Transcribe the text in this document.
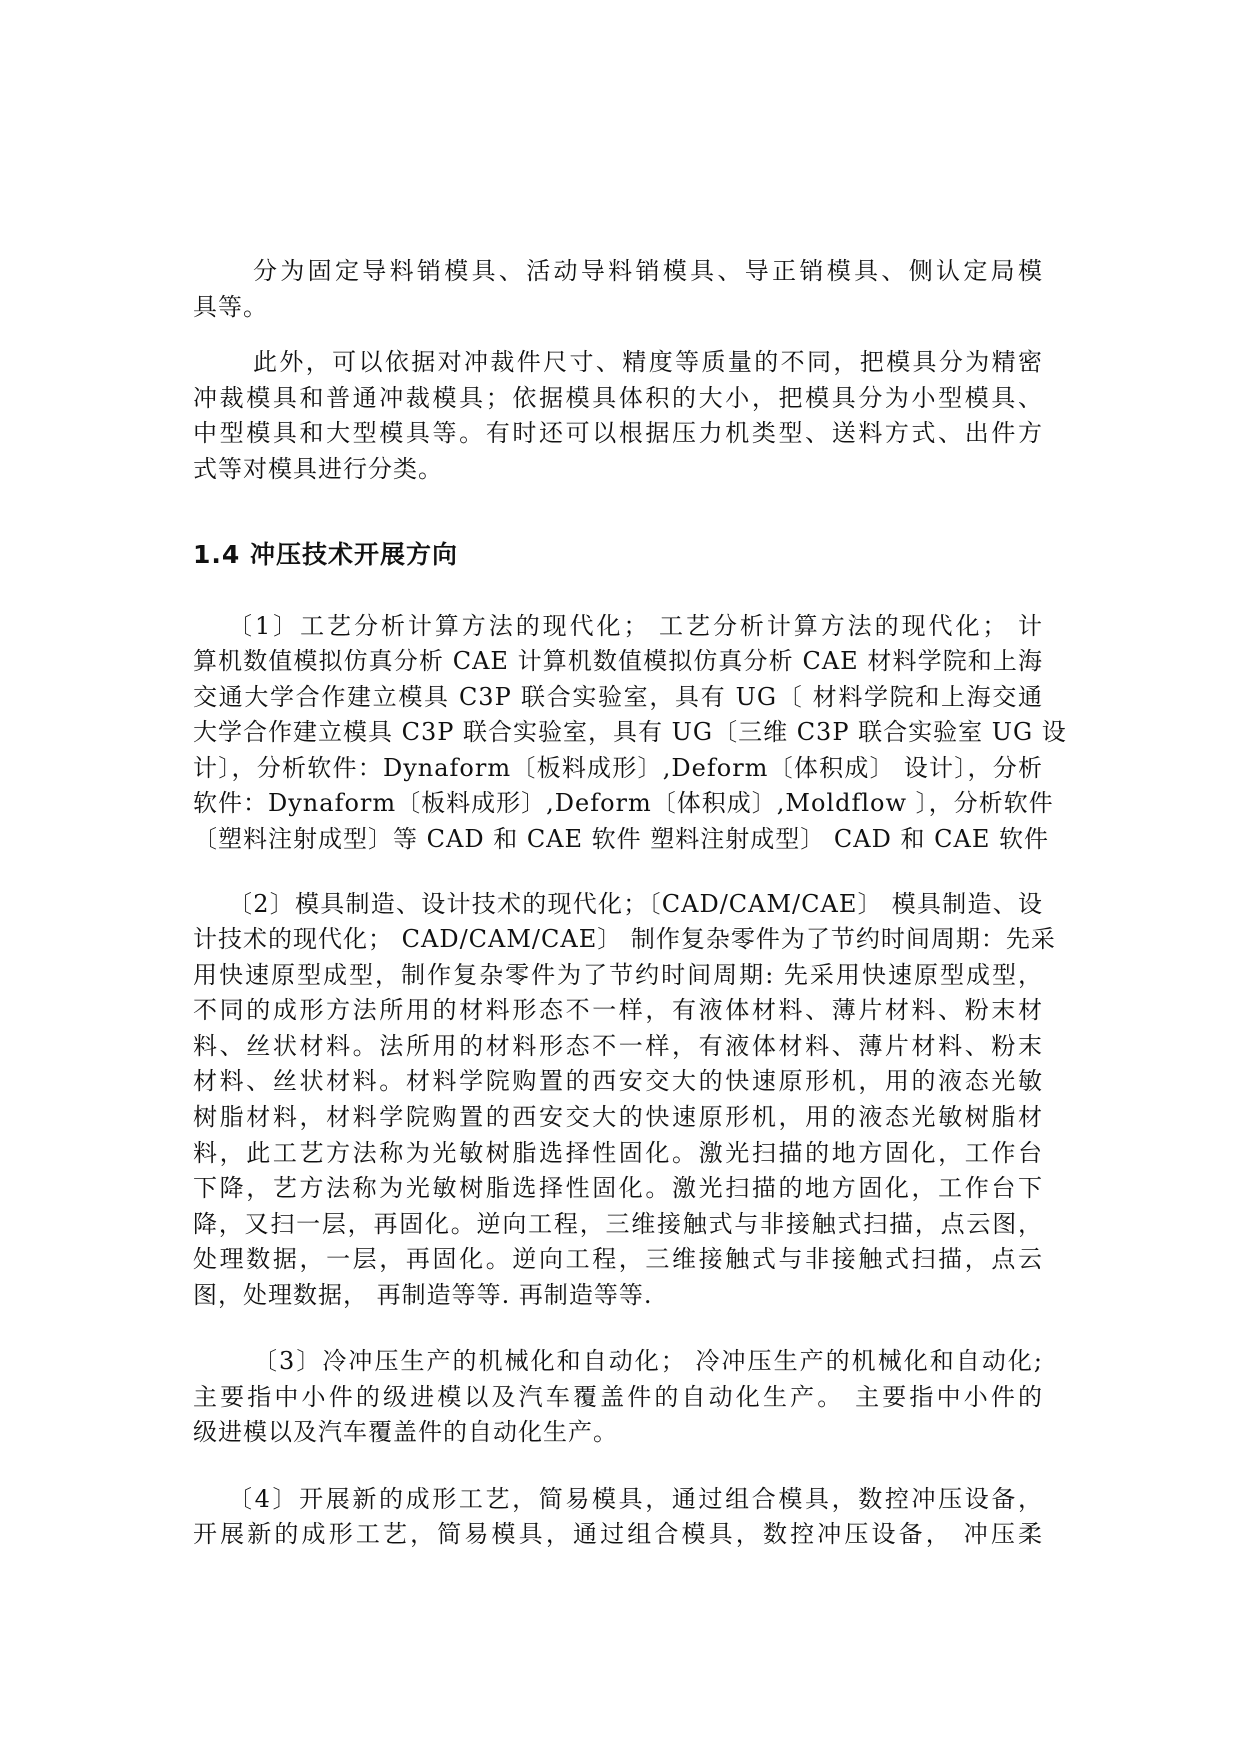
分为固定导料销模具、活动导料销模具、导正销模具、侧认定局模
具等。
此外，可以依据对冲裁件尺寸、精度等质量的不同，把模具分为精密
冲裁模具和普通冲裁模具；依据模具体积的大小，把模具分为小型模具、
中型模具和大型模具等。有时还可以根据压力机类型、送料方式、出件方
式等对模具进行分类。
1.4 冲压技术开展方向
〔1〕工艺分析计算方法的现代化； 工艺分析计算方法的现代化； 计
算机数值模拟仿真分析 CAE 计算机数值模拟仿真分析 CAE 材料学院和上海
交通大学合作建立模具 C3P 联合实验室，具有 UG〔 材料学院和上海交通
大学合作建立模具 C3P 联合实验室，具有 UG〔三维 C3P 联合实验室 UG 设
计〕，分析软件：Dynaform〔板料成形〕,Deform〔体积成〕 设计〕，分析
软件：Dynaform〔板料成形〕,Deform〔体积成〕,Moldflow 〕，分析软件
〔塑料注射成型〕等 CAD 和 CAE 软件 塑料注射成型〕 CAD 和 CAE 软件
〔2〕模具制造、设计技术的现代化；〔CAD/CAM/CAE〕 模具制造、设
计技术的现代化； CAD/CAM/CAE〕 制作复杂零件为了节约时间周期：先采
用快速原型成型，制作复杂零件为了节约时间周期: 先采用快速原型成型，
不同的成形方法所用的材料形态不一样，有液体材料、薄片材料、粉末材
料、丝状材料。法所用的材料形态不一样，有液体材料、薄片材料、粉末
材料、丝状材料。材料学院购置的西安交大的快速原形机，用的液态光敏
树脂材料，材料学院购置的西安交大的快速原形机，用的液态光敏树脂材
料，此工艺方法称为光敏树脂选择性固化。激光扫描的地方固化，工作台
下降，艺方法称为光敏树脂选择性固化。激光扫描的地方固化，工作台下
降，又扫一层，再固化。逆向工程，三维接触式与非接触式扫描，点云图，
处理数据，一层，再固化。逆向工程，三维接触式与非接触式扫描，点云
图，处理数据， 再制造等等. 再制造等等.
〔3〕冷冲压生产的机械化和自动化； 冷冲压生产的机械化和自动化;
主要指中小件的级进模以及汽车覆盖件的自动化生产。 主要指中小件的
级进模以及汽车覆盖件的自动化生产。
〔4〕开展新的成形工艺，简易模具，通过组合模具，数控冲压设备，
开展新的成形工艺，简易模具，通过组合模具，数控冲压设备， 冲压柔
